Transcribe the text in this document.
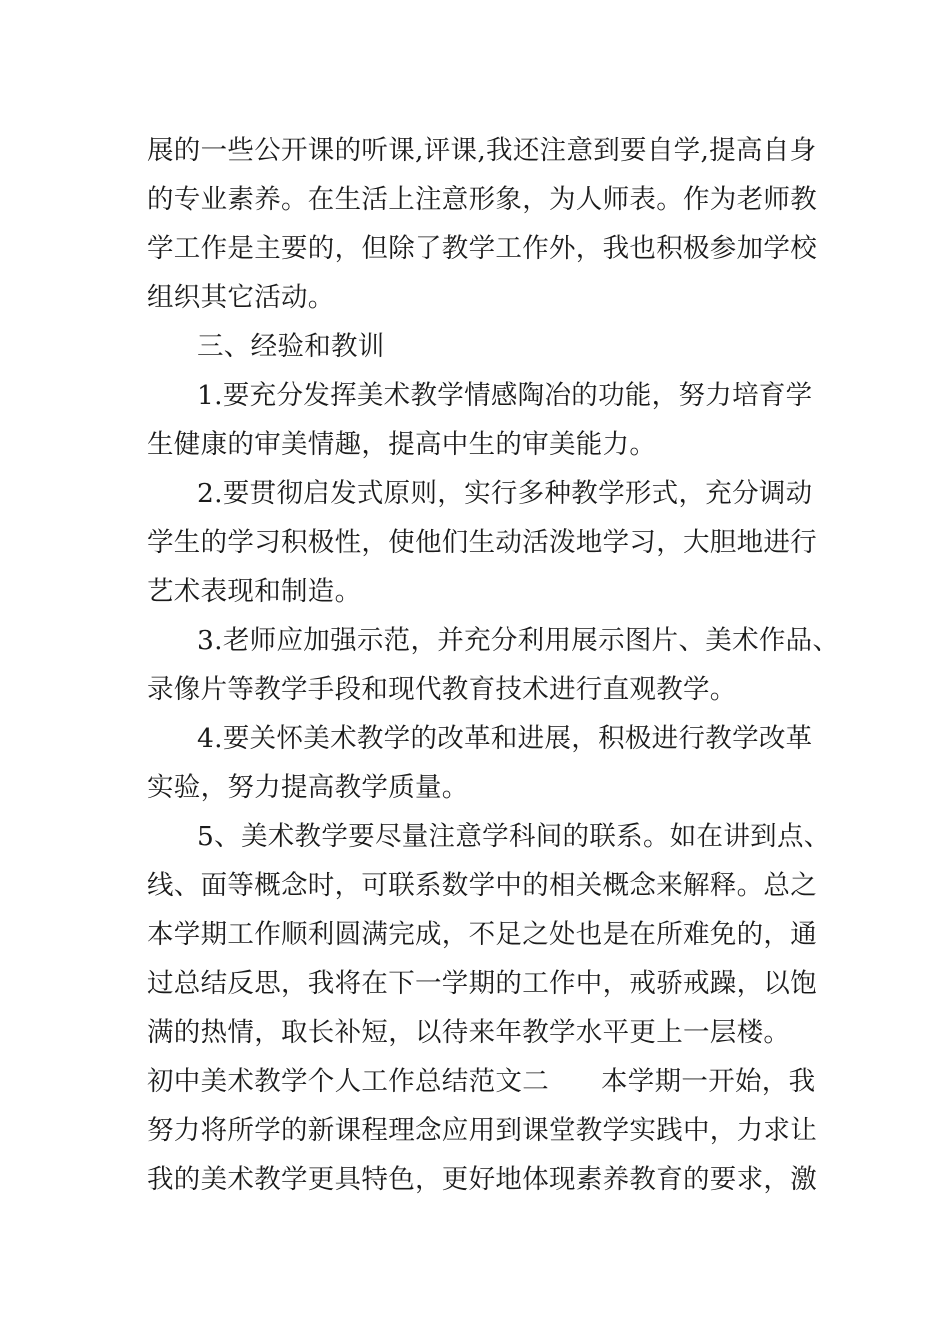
展的一些公开课的听课,评课,我还注意到要自学,提高自身
的专业素养。在生活上注意形象，为人师表。作为老师教
学工作是主要的，但除了教学工作外，我也积极参加学校
组织其它活动。
三、经验和教训
1.要充分发挥美术教学情感陶冶的功能，努力培育学
生健康的审美情趣，提高中生的审美能力。
2.要贯彻启发式原则，实行多种教学形式，充分调动
学生的学习积极性，使他们生动活泼地学习，大胆地进行
艺术表现和制造。
3.老师应加强示范，并充分利用展示图片、美术作品、
录像片等教学手段和现代教育技术进行直观教学。
4.要关怀美术教学的改革和进展，积极进行教学改革
实验，努力提高教学质量。
5、美术教学要尽量注意学科间的联系。如在讲到点、
线、面等概念时，可联系数学中的相关概念来解释。总之
本学期工作顺利圆满完成，不足之处也是在所难免的，通
过总结反思，我将在下一学期的工作中，戒骄戒躁，以饱
满的热情，取长补短，以待来年教学水平更上一层楼。
初中美术教学个人工作总结范文二 本学期一开始，我
努力将所学的新课程理念应用到课堂教学实践中，力求让
我的美术教学更具特色，更好地体现素养教育的要求，激
